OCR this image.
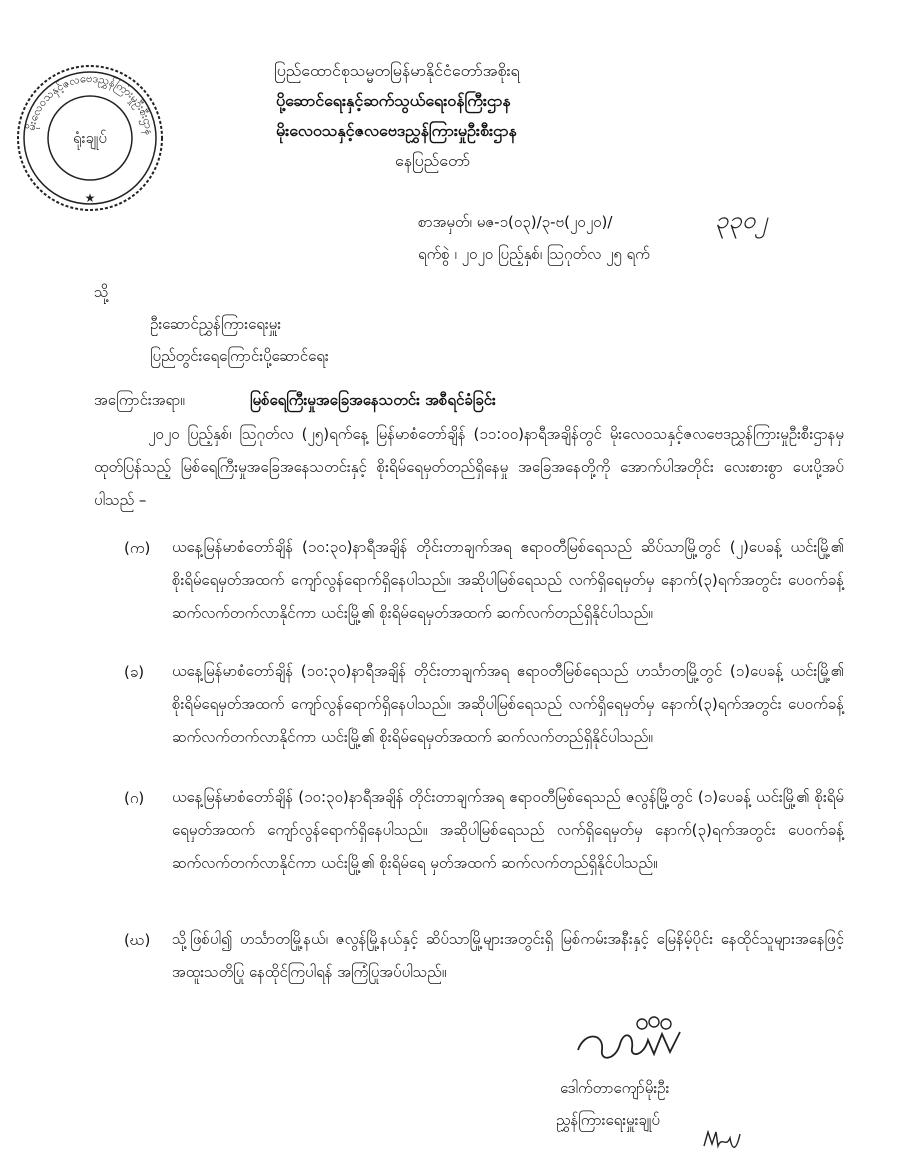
မိုးလေဝသနှင့်ဇလဗေဒညွှန်ကြားမှုဦးစီးဌာန
ရုံးချုပ်
★
ပြည်ထောင်စုသမ္မတမြန်မာနိုင်ငံတော်အစိုးရ
ပို့ဆောင်ရေးနှင့်ဆက်သွယ်ရေးဝန်ကြီးဌာန
မိုးလေဝသနှင့်ဇလဗေဒညွှန်ကြားမှုဦးစီးဌာန
နေပြည်တော်
စာအမှတ်၊ မဇ-၁(၀၃)/၃-ဗ(၂၀၂၀)/	၃၃၀၂
ရက်စွဲ ၊ ၂၀၂၀ ပြည့်နှစ်၊ ဩဂုတ်လ ၂၅ ရက်
သို့
ဦးဆောင်ညွှန်ကြားရေးမှူး
ပြည်တွင်းရေကြောင်းပို့ဆောင်ရေး
အကြောင်းအရာ။	မြစ်ရေကြီးမှုအခြေအနေသတင်း အစီရင်ခံခြင်း
၂၀၂၀ ပြည့်နှစ်၊ ဩဂုတ်လ (၂၅)ရက်နေ့ မြန်မာစံတော်ချိန် (၁၁:၀၀)နာရီအချိန်တွင် မိုးလေဝသနှင့်ဇလဗေဒညွှန်ကြားမှုဦးစီးဌာနမှ ထုတ်ပြန်သည့် မြစ်ရေကြီးမှုအခြေအနေသတင်းနှင့် စိုးရိမ်ရေမှတ်တည်ရှိနေမှု အခြေအနေတို့ကို အောက်ပါအတိုင်း လေးစားစွာ ပေးပို့အပ်ပါသည် –
(က) ယနေ့မြန်မာစံတော်ချိန် (၁၀:၃၀)နာရီအချိန် တိုင်းတာချက်အရ ဧရာဝတီမြစ်ရေသည် ဆိပ်သာမြို့တွင် (၂)ပေခန့် ယင်းမြို့၏ စိုးရိမ်ရေမှတ်အထက် ကျော်လွန်ရောက်ရှိနေပါသည်။ အဆိုပါမြစ်ရေသည် လက်ရှိရေမှတ်မှ နောက်(၃)ရက်အတွင်း ပေ၀က်ခန့် ဆက်လက်တက်လာနိုင်ကာ ယင်းမြို့၏ စိုးရိမ်ရေမှတ်အထက် ဆက်လက်တည်ရှိနိုင်ပါသည်။
(ခ) ယနေ့မြန်မာစံတော်ချိန် (၁၀:၃၀)နာရီအချိန် တိုင်းတာချက်အရ ဧရာဝတီမြစ်ရေသည် ဟင်္သာတမြို့တွင် (၁)ပေခန့် ယင်းမြို့၏ စိုးရိမ်ရေမှတ်အထက် ကျော်လွန်ရောက်ရှိနေပါသည်။ အဆိုပါမြစ်ရေသည် လက်ရှိရေမှတ်မှ နောက်(၃)ရက်အတွင်း ပေ၀က်ခန့် ဆက်လက်တက်လာနိုင်ကာ ယင်းမြို့၏ စိုးရိမ်ရေမှတ်အထက် ဆက်လက်တည်ရှိနိုင်ပါသည်။
(ဂ) ယနေ့မြန်မာစံတော်ချိန် (၁၀:၃၀)နာရီအချိန် တိုင်းတာချက်အရ ဧရာဝတီမြစ်ရေသည် ဇလွန်မြို့တွင် (၁)ပေခန့် ယင်းမြို့၏ စိုးရိမ်ရေမှတ်အထက် ကျော်လွန်ရောက်ရှိနေပါသည်။ အဆိုပါမြစ်ရေသည် လက်ရှိရေမှတ်မှ နောက်(၃)ရက်အတွင်း ပေ၀က်ခန့် ဆက်လက်တက်လာနိုင်ကာ ယင်းမြို့၏ စိုးရိမ်ရေ မှတ်အထက် ဆက်လက်တည်ရှိနိုင်ပါသည်။
(ဃ) သို့ဖြစ်ပါ၍ ဟင်္သာတမြို့နယ်၊ ဇလွန်မြို့နယ်နှင့် ဆိပ်သာမြို့များအတွင်းရှိ မြစ်ကမ်းအနီးနှင့် မြေနိမ့်ပိုင်း နေထိုင်သူများအနေဖြင့် အထူးသတိပြု နေထိုင်ကြပါရန် အကြံပြုအပ်ပါသည်။
ဒေါက်တာကျော်မိုးဦး
ညွှန်ကြားရေးမှူးချုပ်
